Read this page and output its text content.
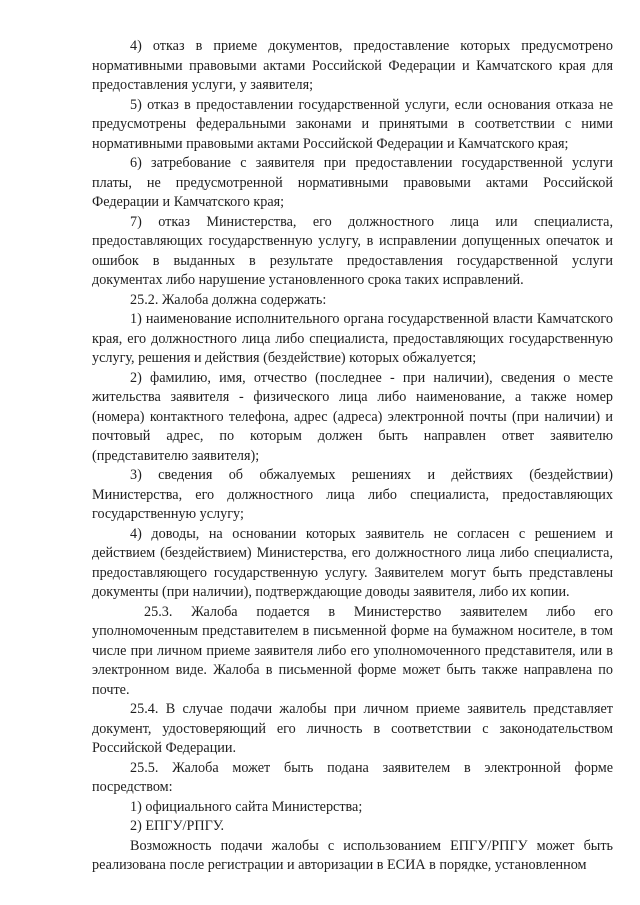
4) отказ в приеме документов, предоставление которых предусмотрено нормативными правовыми актами Российской Федерации и Камчатского края для предоставления услуги, у заявителя;

5) отказ в предоставлении государственной услуги, если основания отказа не предусмотрены федеральными законами и принятыми в соответствии с ними нормативными правовыми актами Российской Федерации и Камчатского края;

6) затребование с заявителя при предоставлении государственной услуги платы, не предусмотренной нормативными правовыми актами Российской Федерации и Камчатского края;

7) отказ Министерства, его должностного лица или специалиста, предоставляющих государственную услугу, в исправлении допущенных опечаток и ошибок в выданных в результате предоставления государственной услуги документах либо нарушение установленного срока таких исправлений.

25.2. Жалоба должна содержать:

1) наименование исполнительного органа государственной власти Камчатского края, его должностного лица либо специалиста, предоставляющих государственную услугу, решения и действия (бездействие) которых обжалуется;

2) фамилию, имя, отчество (последнее - при наличии), сведения о месте жительства заявителя - физического лица либо наименование, а также номер (номера) контактного телефона, адрес (адреса) электронной почты (при наличии) и почтовый адрес, по которым должен быть направлен ответ заявителю (представителю заявителя);

3) сведения об обжалуемых решениях и действиях (бездействии) Министерства, его должностного лица либо специалиста, предоставляющих государственную услугу;

4) доводы, на основании которых заявитель не согласен с решением и действием (бездействием) Министерства, его должностного лица либо специалиста, предоставляющего государственную услугу. Заявителем могут быть представлены документы (при наличии), подтверждающие доводы заявителя, либо их копии.

25.3. Жалоба подается в Министерство заявителем либо его уполномоченным представителем в письменной форме на бумажном носителе, в том числе при личном приеме заявителя либо его уполномоченного представителя, или в электронном виде. Жалоба в письменной форме может быть также направлена по почте.

25.4. В случае подачи жалобы при личном приеме заявитель представляет документ, удостоверяющий его личность в соответствии с законодательством Российской Федерации.

25.5. Жалоба может быть подана заявителем в электронной форме посредством:

1) официального сайта Министерства;

2) ЕПГУ/РПГУ.

Возможность подачи жалобы с использованием ЕПГУ/РПГУ может быть реализована после регистрации и авторизации в ЕСИА в порядке, установленном
